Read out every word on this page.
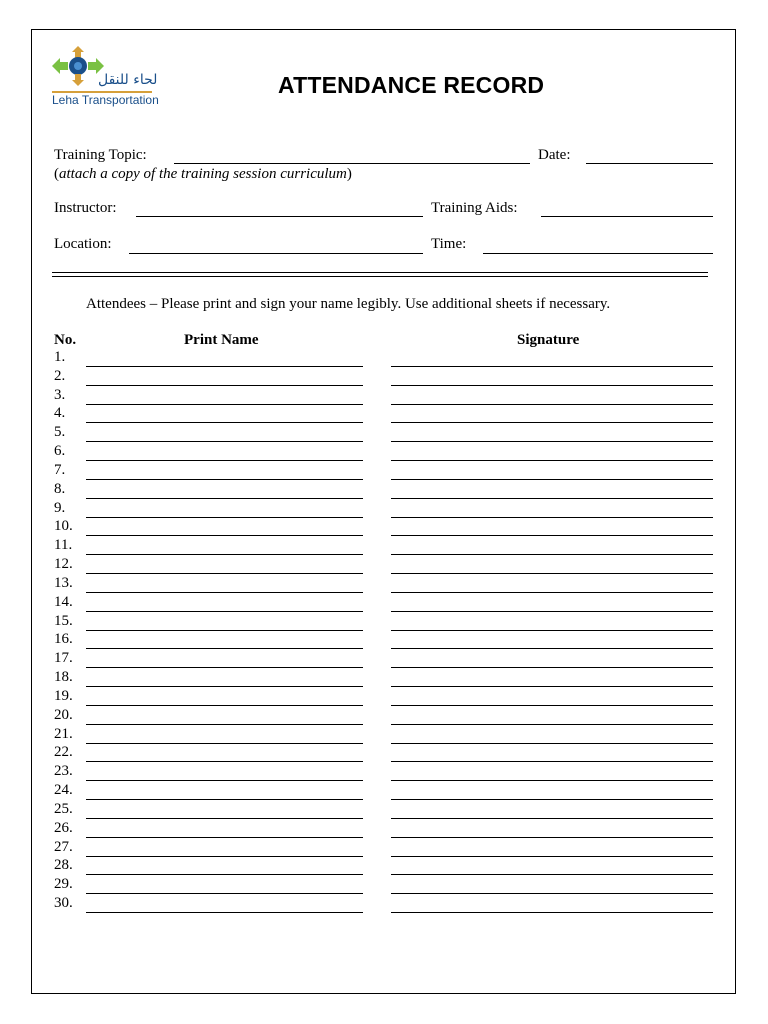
لحاء للنقل
Leha Transportation
ATTENDANCE RECORD
Training Topic:	Date:
(attach a copy of the training session curriculum)
Instructor:	Training Aids:
Location:	Time:
Attendees – Please print and sign your name legibly. Use additional sheets if necessary.
No.	Print Name	Signature
1.
2.
3.
4.
5.
6.
7.
8.
9.
10.
11.
12.
13.
14.
15.
16.
17.
18.
19.
20.
21.
22.
23.
24.
25.
26.
27.
28.
29.
30.
